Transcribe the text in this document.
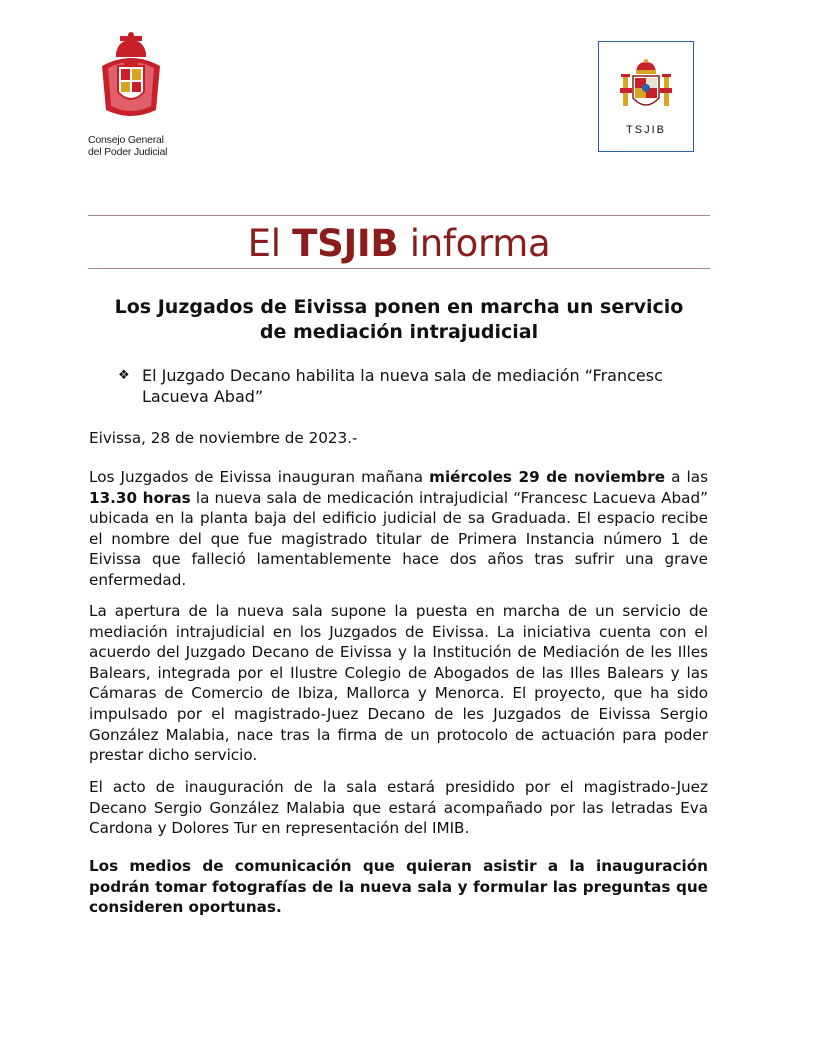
Consejo General
del Poder Judicial
TSJIB
El TSJIB informa
Los Juzgados de Eivissa ponen en marcha un servicio
de mediación intrajudicial
❖ El Juzgado Decano habilita la nueva sala de mediación “Francesc Lacueva Abad”
Eivissa, 28 de noviembre de 2023.-
Los Juzgados de Eivissa inauguran mañana miércoles 29 de noviembre a las 13.30 horas la nueva sala de medicación intrajudicial “Francesc Lacueva Abad” ubicada en la planta baja del edificio judicial de sa Graduada. El espacio recibe el nombre del que fue magistrado titular de Primera Instancia número 1 de Eivissa que falleció lamentablemente hace dos años tras sufrir una grave enfermedad.
La apertura de la nueva sala supone la puesta en marcha de un servicio de mediación intrajudicial en los Juzgados de Eivissa. La iniciativa cuenta con el acuerdo del Juzgado Decano de Eivissa y la Institución de Mediación de les Illes Balears, integrada por el Ilustre Colegio de Abogados de las Illes Balears y las Cámaras de Comercio de Ibiza, Mallorca y Menorca. El proyecto, que ha sido impulsado por el magistrado-Juez Decano de les Juzgados de Eivissa Sergio González Malabia, nace tras la firma de un protocolo de actuación para poder prestar dicho servicio.
El acto de inauguración de la sala estará presidido por el magistrado-Juez Decano Sergio González Malabia que estará acompañado por las letradas Eva Cardona y Dolores Tur en representación del IMIB.
Los medios de comunicación que quieran asistir a la inauguración podrán tomar fotografías de la nueva sala y formular las preguntas que consideren oportunas.
